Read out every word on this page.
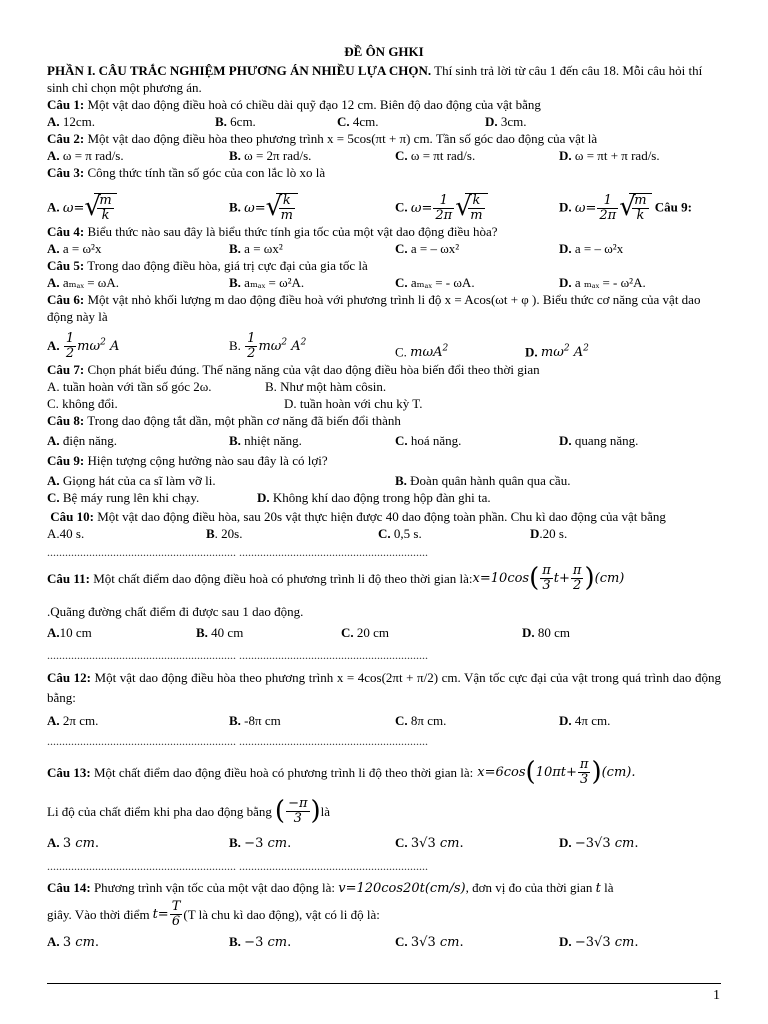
ĐỀ ÔN GHKI
PHẦN I. CÂU TRẮC NGHIỆM PHƯƠNG ÁN NHIỀU LỰA CHỌN. Thí sinh trả lời từ câu 1 đến câu 18. Mỗi câu hỏi thí sinh chỉ chọn một phương án.
Câu 1: Một vật dao động điều hoà có chiều dài quỹ đạo 12 cm. Biên độ dao động của vật bằng
A. 12cm.	B. 6cm.	C. 4cm.	D. 3cm.
Câu 2: Một vật dao động điều hòa theo phương trình x = 5cos(πt + π) cm. Tần số góc dao động của vật là
A. ω = π rad/s.	B. ω = 2π rad/s.	C. ω = πt rad/s.	D. ω = πt + π rad/s.
Câu 3: Công thức tính tần số góc của con lắc lò xo là
A. ω= √
$\frac{m}{k}$	B. ω= √
$\frac{k}{m}$	C. $\omega= \frac{1}{2\pi}$ √
$\frac{k}{m}$	D. $\omega= \frac{1}{2\pi}$ √
$\frac{m}{k}$ Câu 9:
Câu 4: Biểu thức nào sau đây là biểu thức tính gia tốc của một vật dao động điều hòa?
A. a = ω²x	B. a = ωx²	C. a = – ωx²	D. a = – ω²x
Câu 5: Trong dao động điều hòa, giá trị cực đại của gia tốc là
A. aₘₐₓ = ωA.	B. aₘₐₓ = ω²A.	C. aₘₐₓ = - ωA.	D. a ₘₐₓ = - ω²A.
Câu 6: Một vật nhỏ khối lượng m dao động điều hoà với phương trình li độ x = Acos(ωt + φ ). Biểu thức cơ năng của vật dao động này là
A. $\frac{1}{2} m\omega^2$ A	B. $\frac{1}{2} m\omega^2$ $A^2$
C. mωA$^2$	D. $m\omega^2$ $A^2$
Câu 7: Chọn phát biểu đúng. Thế năng năng của vật dao động điều hòa biến đổi theo thời gian
A. tuần hoàn với tần số góc 2ω.	B. Như một hàm côsin.
C. không đổi.	D. tuần hoàn với chu kỳ T.
Câu 8: Trong dao động tắt dần, một phần cơ năng đã biến đổi thành
A. điện năng.	B. nhiệt năng.	C. hoá năng.	D. quang năng.
Câu 9: Hiện tượng cộng hưởng nào sau đây là có lợi?
A. Giọng hát của ca sĩ làm vỡ li.	B. Đoàn quân hành quân qua cầu.
C. Bệ máy rung lên khi chạy.	D. Không khí dao động trong hộp đàn ghi ta.
Câu 10: Một vật dao động điều hòa, sau 20s vật thực hiện được 40 dao động toàn phần. Chu kì dao động của vật bằng
A.40 s.	B. 20s.	C. 0,5 s.	D.20 s.
............................................................... ...............................................................
Câu 11: Một chất điểm dao động điều hoà có phương trình li độ theo thời gian là: $x=10\cos( \frac{\pi}{3} t+ \frac{\pi}{2} )(cm)$
.Quãng đường chất điểm đi được sau 1 dao động.
A.10 cm	B. 40 cm	C. 20 cm	D. 80 cm
............................................................... ...............................................................
Câu 12: Một vật dao động điều hòa theo phương trình x = 4cos(2πt + π/2) cm. Vận tốc cực đại của vật trong quá trình dao động bằng:
A. 2π cm.	B. -8π cm	C. 8π cm.	D. 4π cm.
............................................................... ...............................................................
Câu 13: Một chất điểm dao động điều hoà có phương trình li độ theo thời gian là: $x=6\cos(10\pi t+ \frac{\pi}{3} )(cm)$.
Li độ của chất điểm khi pha dao động bằng ( $\frac{-\pi}{3}$ ) là
A. 3 cm.	B. −3 cm.	C. 3√3 cm.	D. −3√3 cm.
............................................................... ...............................................................
Câu 14: Phương trình vận tốc của một vật dao động là: v=120cos20t(cm/s), đơn vị đo của thời gian t là
giây. Vào thời điểm $t= \frac{T}{6} (T$ là chu kì dao động), vật có li độ là:
A. 3 cm.	B. −3 cm.	C. 3√3 cm.	D. −3√3 cm.
1
